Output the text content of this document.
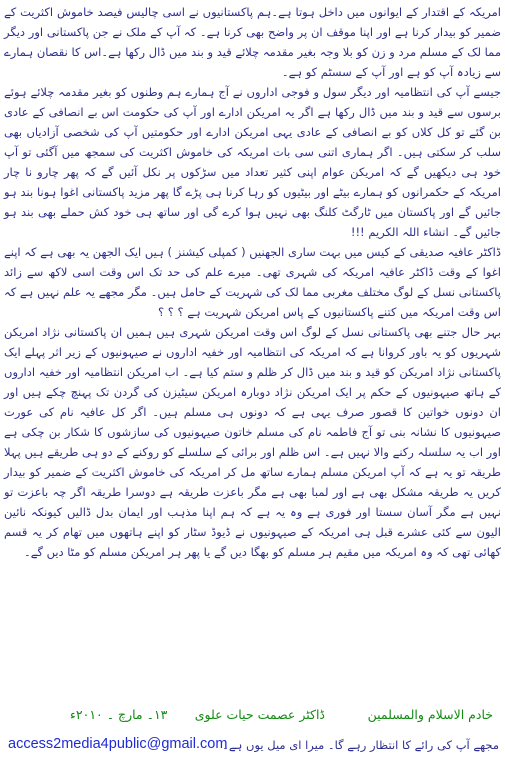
امریکہ کے اقتدار کے ایوانوں میں داخل ہوتا ہے۔ہم پاکستانیوں نے اسی چالیس فیصد خاموش اکثریت کے ضمیر کو بیدار کرنا ہے اور اپنا موقف ان پر واضح بھی کرنا ہے۔ کہ آپ کے ملک نے جن پاکستانی اور دیگر مما لک کے مسلم مرد و زن کو بلا وجہ بغیر مقدمہ چلائے قید و بند میں ڈال رکھا ہے۔اس کا نقصان ہمارے سے زیادہ آپ کو ہے اور آپ کے سسٹم کو ہے۔

جیسے آپ کی انتظامیہ اور دیگر سول و فوجی اداروں نے آج ہمارے ہم وطنوں کو بغیر مقدمہ چلائے ہوئے برسوں سے قید و بند میں ڈال رکھا ہے اگر یہ امریکن ادارے اور آپ کی حکومت اس بے انصافی کے عادی بن گئے تو کل کلاں کو بے انصافی کے عادی یہی امریکن ادارے اور حکومتیں آپ کی شخصی آزادیاں بھی سلب کر سکتی ہیں۔ اگر ہماری اتنی سی بات امریکہ کی خاموش اکثریت کی سمجھ میں آگئی تو آپ خود ہی دیکھیں گے کہ امریکن عوام اپنی کثیر تعداد میں سڑکوں پر نکل آئیں گے کہ پھر چارو نا چار امریکہ کے حکمرانوں کو ہمارے بیٹے اور بیٹیوں کو رہا کرنا ہی پڑے گا پھر مزید پاکستانی اغوا ہونا بند ہو جائیں گے اور پاکستان میں ٹارگٹ کلنگ بھی نہیں ہوا کرے گی اور ساتھ ہی خود کش حملے بھی بند ہو جائیں گے۔ انشاء اللہ الکریم !!!

ڈاکٹر عافیہ صدیقی کے کیس میں بہت ساری الجھنیں ( کمپلی کیشنز ) ہیں ایک الجھن یہ بھی ہے کہ اپنے اغوا کے وقت ڈاکٹر عافیہ امریکہ کی شہری تھی۔ میرے علم کی حد تک اس وقت اسی لاکھ سے زائد پاکستانی نسل کے لوگ مختلف مغربی مما لک کی شہریت کے حامل ہیں۔ مگر مجھے یہ علم نہیں ہے کہ اس وقت امریکہ میں کتنے پاکستانیوں کے پاس امریکن شہریت ہے ؟ ؟ ؟

بہر حال جتنے بھی پاکستانی نسل کے لوگ اس وقت امریکن شہری ہیں ہمیں ان پاکستانی نژاد امریکن شہریوں کو یہ باور کروانا ہے کہ امریکہ کی انتظامیہ اور خفیہ اداروں نے صیہونیوں کے زیر اثر پہلے ایک پاکستانی نژاد امریکن کو قید و بند میں ڈال کر ظلم و ستم کیا ہے۔ اب امریکن انتظامیہ اور خفیہ اداروں کے ہاتھ صیہونیوں کے حکم پر ایک امریکن نژاد دوبارہ امریکن سیٹیزن کی گردن تک پہنچ چکے ہیں اور ان دونوں خواتین کا قصور صرف یہی ہے کہ دونوں ہی مسلم ہیں۔ اگر کل عافیہ نام کی عورت صیہونیوں کا نشانہ بنی تو آج فاطمہ نام کی مسلم خاتون صیہونیوں کی سازشوں کا شکار بن چکی ہے اور اب یہ سلسلہ رکنے والا نہیں ہے۔ اس ظلم اور برائی کے سلسلے کو روکنے کے دو ہی طریقے ہیں پہلا طریقہ تو یہ ہے کہ آپ امریکن مسلم ہمارے ساتھ مل کر امریکہ کی خاموش اکثریت کے ضمیر کو بیدار کریں یہ طریقہ مشکل بھی ہے اور لمبا بھی ہے مگر باعزت طریقہ ہے دوسرا طریقہ اگر چہ باعزت تو نہیں ہے مگر آسان سستا اور فوری ہے وہ یہ ہے کہ ہم اپنا مذہب اور ایمان بدل ڈالیں کیونکہ نائین الیون سے کئی عشرے قبل ہی امریکہ کے صیہونیوں نے ڈیوڈ سٹار کو اپنے ہاتھوں میں تھام کر یہ قسم کھائی تھی کہ وہ امریکہ میں مقیم ہر مسلم کو بھگا دیں گے یا پھر ہر امریکن مسلم کو مٹا دیں گے۔

خادم الاسلام والمسلمین
ڈاکٹر عصمت حیات علوی
۱۳۔ مارچ ۔ ۲۰۱۰ء
access2media4public@gmail.com
مجھے آپ کی رائے کا انتظار رہے گا۔ میرا ای میل یوں ہے۔
